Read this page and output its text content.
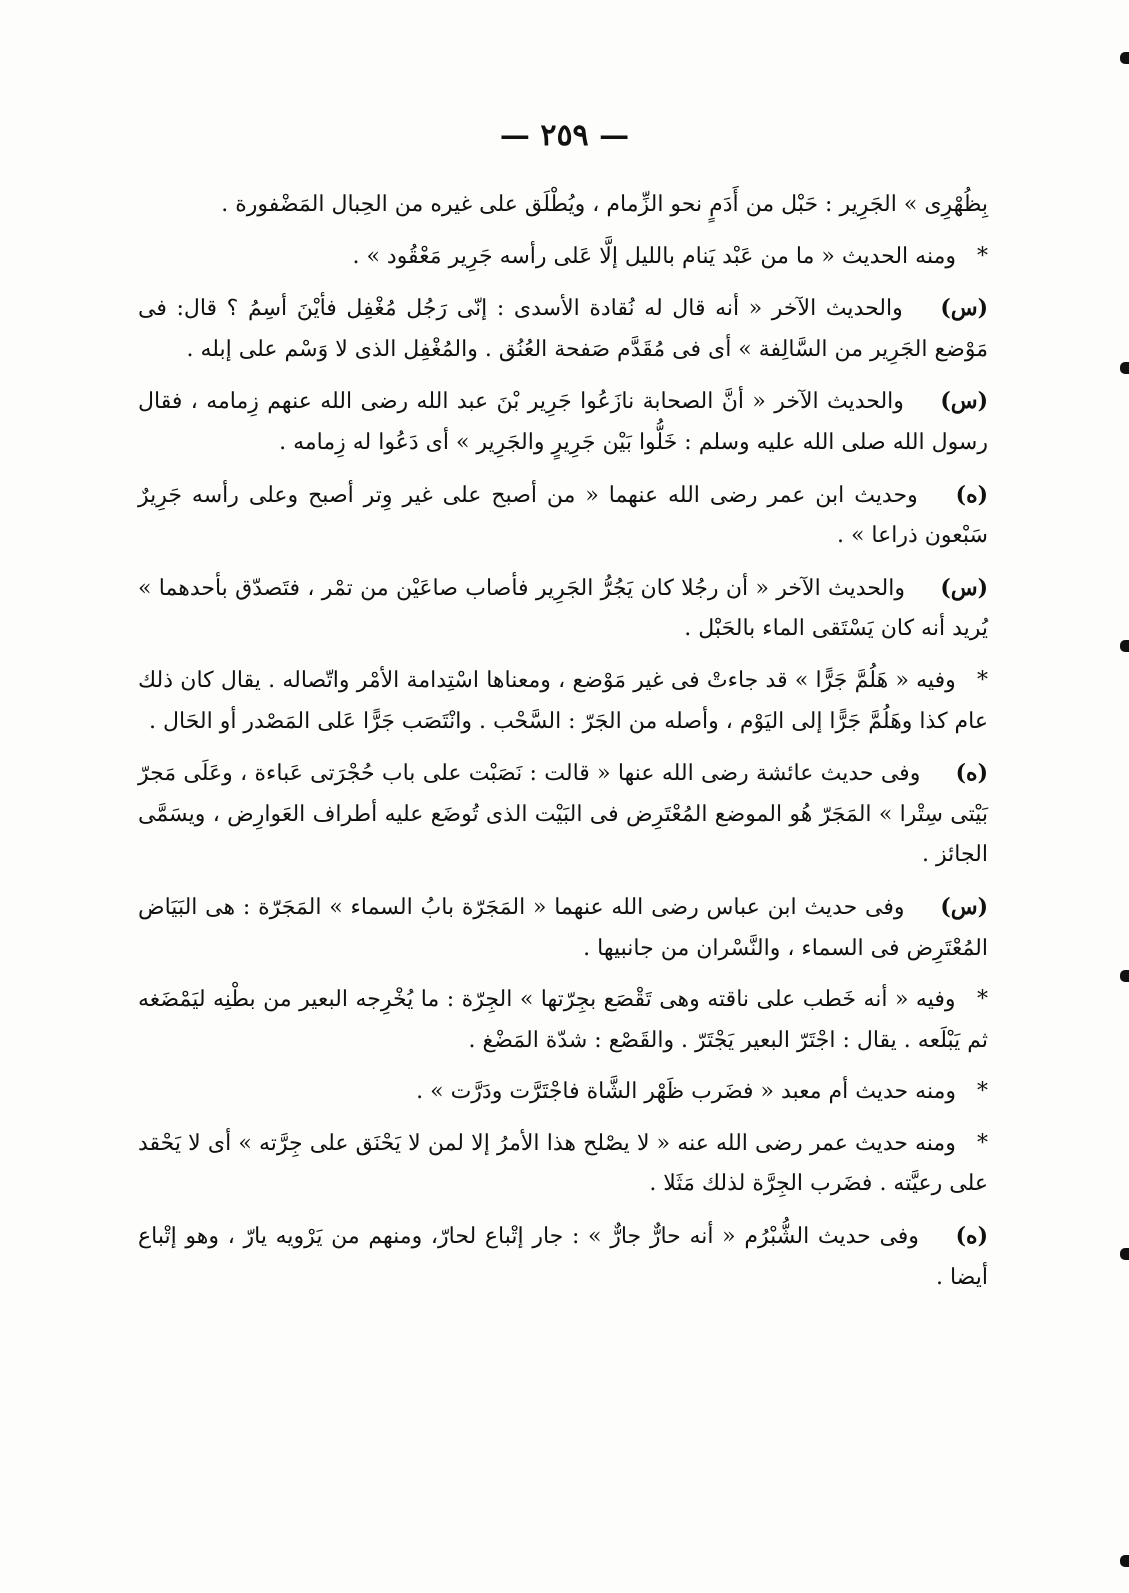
— ٢٥٩ —

بِظُهْرِى » الجَرِير : حَبْل من أَدَمٍ نحو الزِّمام ، ويُطْلَق على غيره من الحِبال المَضْفورة .

* ومنه الحديث « ما من عَبْد يَنام بالليل إلَّا عَلى رأسه جَرِير مَعْقُود » .

(س) والحديث الآخر « أنه قال له نُقادة الأسدى : إنّى رَجُل مُغْفِل فأيْنَ أسِمُ ؟ قال: فى مَوْضع الجَرِير من السَّالِفة » أى فى مُقَدَّم صَفحة العُنُق . والمُغْفِل الذى لا وَسْم على إبله .

(س) والحديث الآخر « أنَّ الصحابة نازَعُوا جَرِير بْنَ عبد الله رضى الله عنهم زِمامه ، فقال رسول الله صلى الله عليه وسلم : خَلُّوا بَيْن جَرِيرٍ والجَرِير » أى دَعُوا له زِمامه .

(ه) وحديث ابن عمر رضى الله عنهما « من أصبح على غير وِتر أصبح وعلى رأسه جَرِيرٌ سَبْعون ذراعا » .

(س) والحديث الآخر « أن رجُلا كان يَجُرُّ الجَرِير فأصاب صاعَيْن من تمْر ، فتَصدّق بأحدهما » يُريد أنه كان يَسْتَقى الماء بالحَبْل .

* وفيه « هَلُمَّ جَرًّا » قد جاءتْ فى غير مَوْضع ، ومعناها اسْتِدامة الأمْر واتّصاله . يقال كان ذلك عام كذا وهَلُمَّ جَرًّا إلى اليَوْم ، وأصله من الجَرّ : السَّحْب . وانْتَصَب جَرًّا عَلى المَصْدر أو الحَال .

(ه) وفى حديث عائشة رضى الله عنها « قالت : نَصَبْت على باب حُجْرَتى عَباءة ، وعَلَى مَجرّ بَيْتى سِتْرا » المَجَرّ هُو الموضع المُعْتَرِض فى البَيْت الذى تُوضَع عليه أطراف العَوارِض ، ويسَمَّى الجائز .

(س) وفى حديث ابن عباس رضى الله عنهما « المَجَرّة بابُ السماء » المَجَرّة : هى البَيَاض المُعْتَرِض فى السماء ، والنَّسْران من جانبيها .

* وفيه « أنه خَطب على ناقته وهى تَقْصَع بجِرّتها » الجِرّة : ما يُخْرِجه البعير من بطْنِه ليَمْضَغه ثم يَبْلَعه . يقال : اجْتَرّ البعير يَجْتَرّ . والقَصْع : شدّة المَضْغ .

* ومنه حديث أم معبد « فضَرب ظَهْر الشَّاة فاجْتَرَّت ودَرَّت » .

* ومنه حديث عمر رضى الله عنه « لا يصْلح هذا الأمرُ إلا لمن لا يَحْنَق على جِرَّته » أى لا يَحْقد على رعيَّته . فضَرب الجِرَّة لذلك مَثَلا .

(ه) وفى حديث الشُّبْرُم « أنه حارٌّ جارٌّ » : جار إتْباع لحارّ، ومنهم من يَرْويه يارّ ، وهو إتْباع أيضا .
